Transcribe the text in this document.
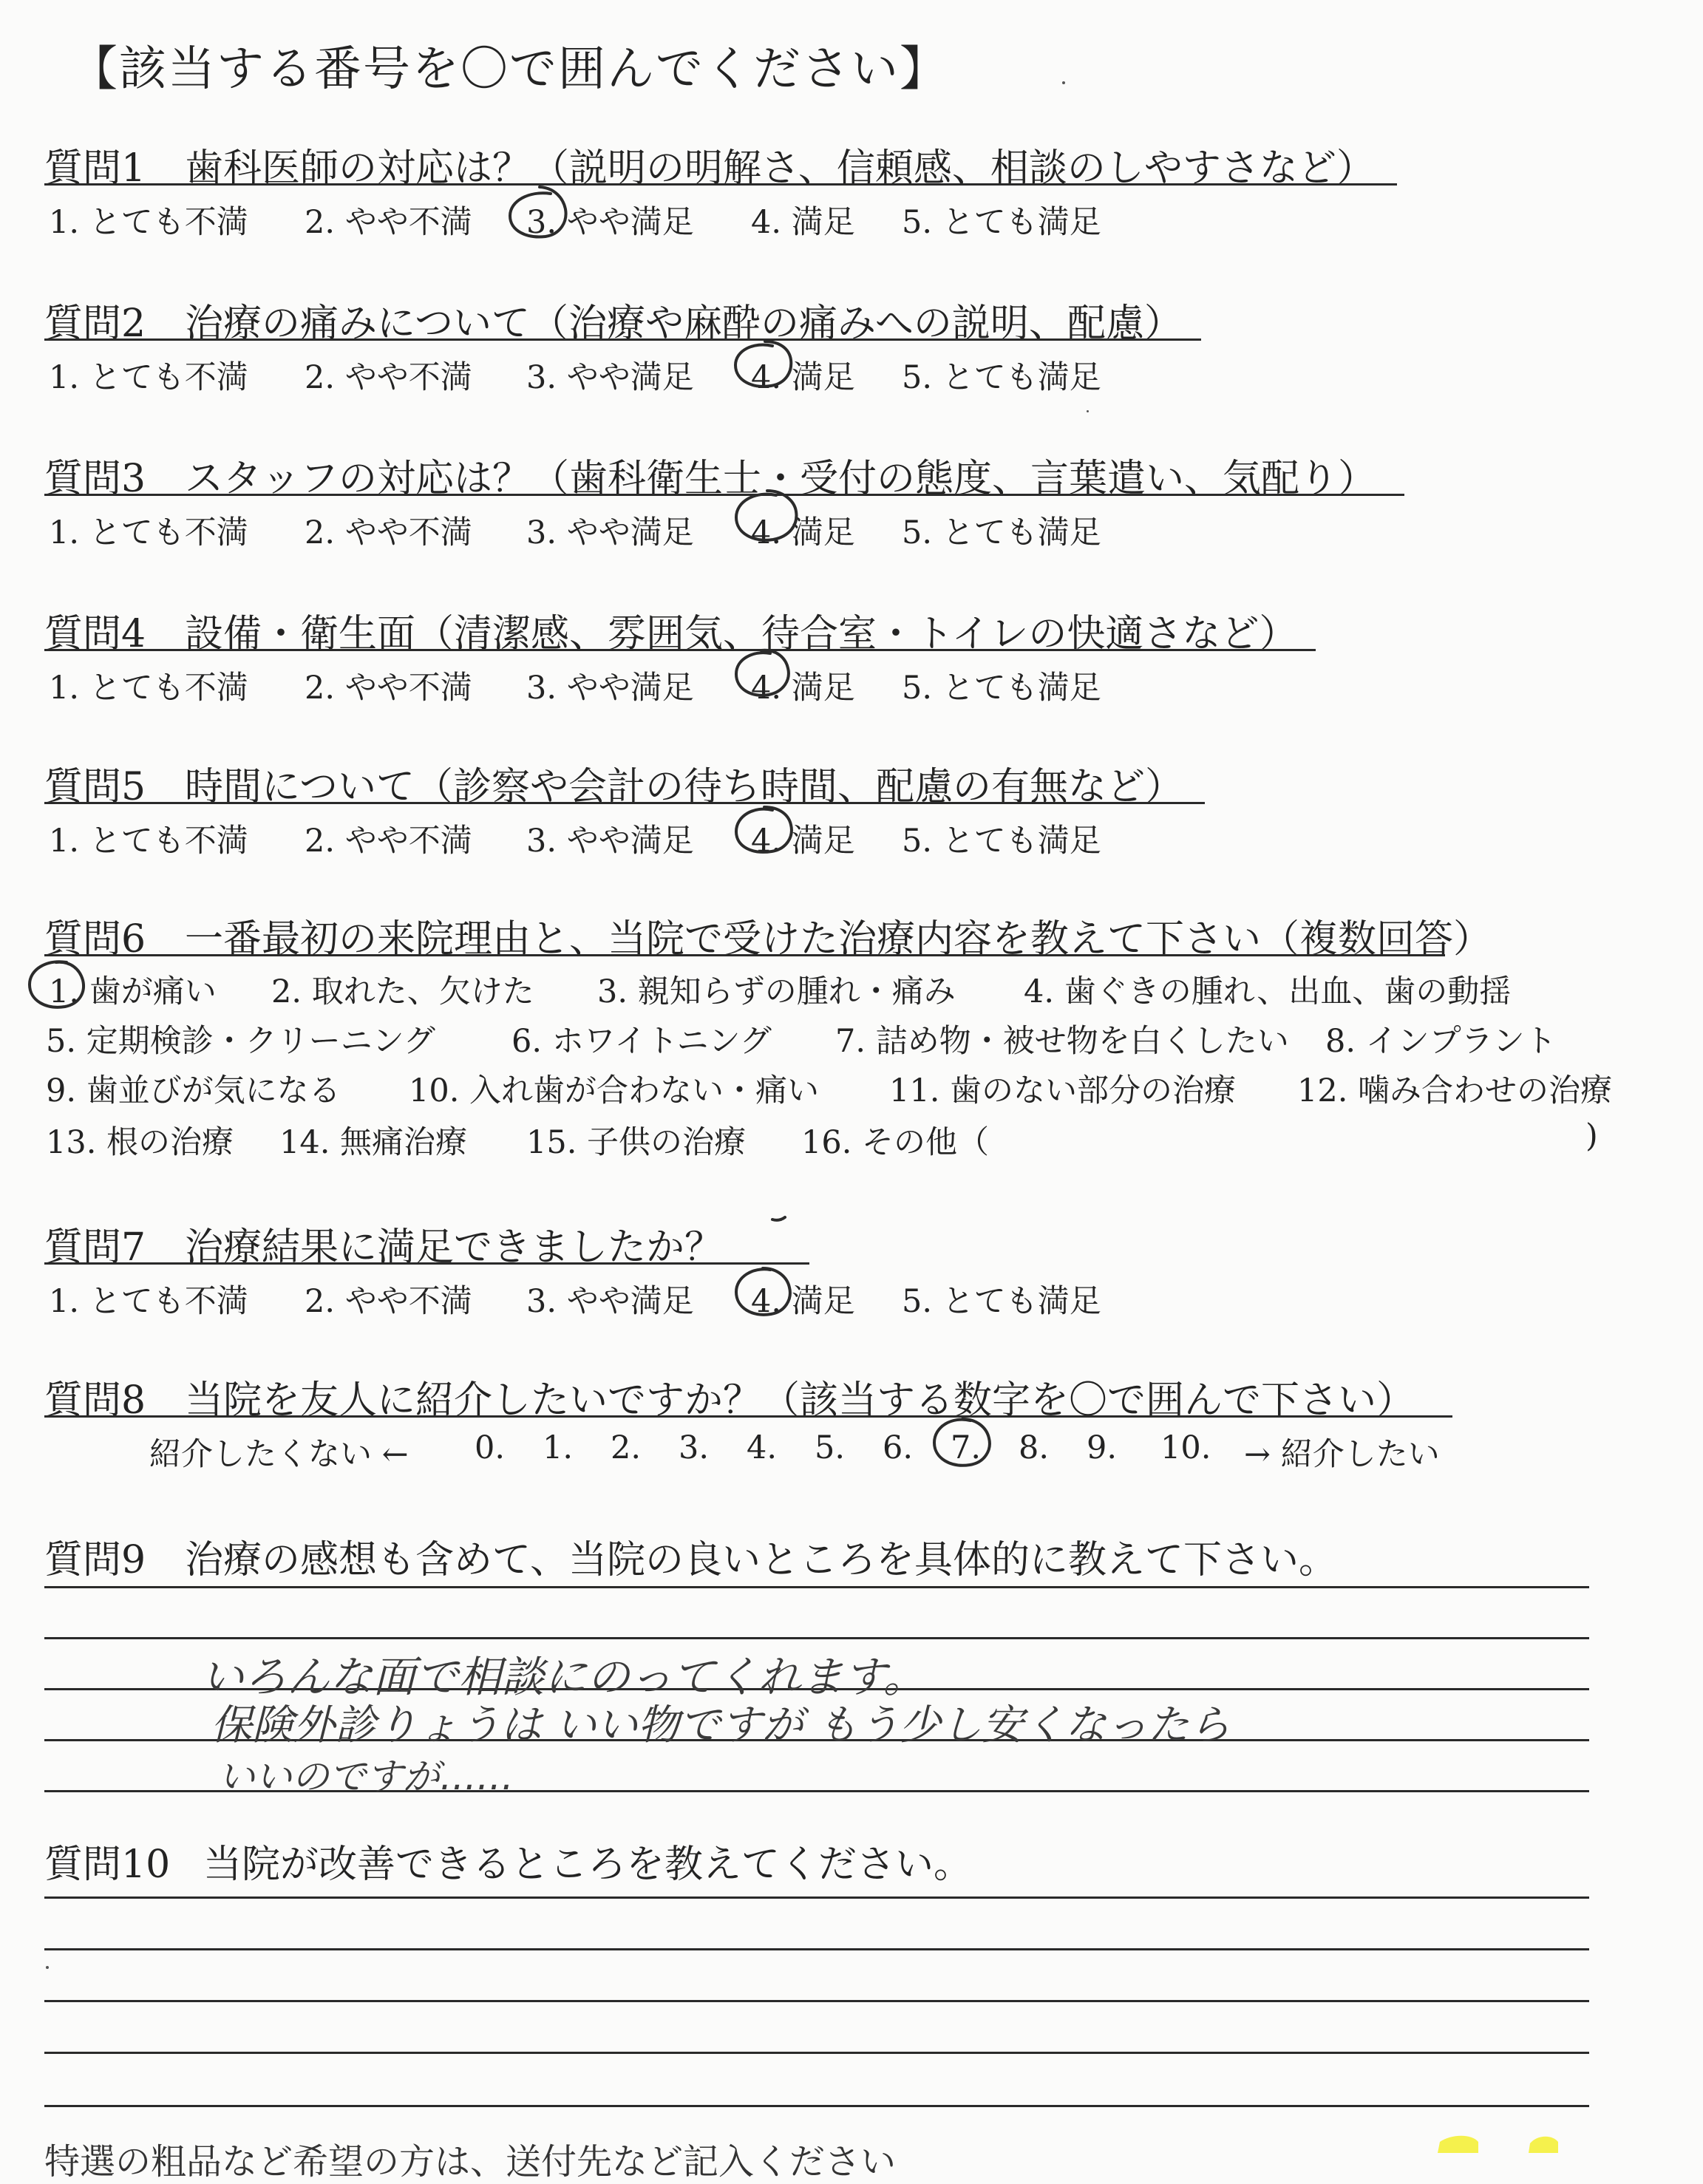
【該当する番号を〇で囲んでください】
質問1 歯科医師の対応は？（説明の明解さ、信頼感、相談のしやすさなど）
1. とても不満 2. やや不満 3. やや満足 4. 満足 5. とても満足
質問2 治療の痛みについて（治療や麻酔の痛みへの説明、配慮）
1. とても不満 2. やや不満 3. やや満足 4. 満足 5. とても満足
質問3 スタッフの対応は？（歯科衛生士・受付の態度、言葉遣い、気配り）
1. とても不満 2. やや不満 3. やや満足 4. 満足 5. とても満足
質問4 設備・衛生面（清潔感、雰囲気、待合室・トイレの快適さなど）
1. とても不満 2. やや不満 3. やや満足 4. 満足 5. とても満足
質問5 時間について（診察や会計の待ち時間、配慮の有無など）
1. とても不満 2. やや不満 3. やや満足 4. 満足 5. とても満足
質問6 一番最初の来院理由と、当院で受けた治療内容を教えて下さい（複数回答）
1. 歯が痛い 2. 取れた、欠けた 3. 親知らずの腫れ・痛み 4. 歯ぐきの腫れ、出血、歯の動揺
5. 定期検診・クリーニング 6. ホワイトニング 7. 詰め物・被せ物を白くしたい 8. インプラント
9. 歯並びが気になる 10. 入れ歯が合わない・痛い 11. 歯のない部分の治療 12. 噛み合わせの治療
13. 根の治療 14. 無痛治療 15. 子供の治療 16. その他（	)
質問7 治療結果に満足できましたか？
1. とても不満 2. やや不満 3. やや満足 4. 満足 5. とても満足
質問8 当院を友人に紹介したいですか？（該当する数字を〇で囲んで下さい）
紹介したくない ← 0. 1. 2. 3. 4. 5. 6. 7. 8. 9. 10. → 紹介したい
質問9 治療の感想も含めて、当院の良いところを具体的に教えて下さい。
いろんな面で相談にのってくれます。
保険外診りょうは いい物ですが もう少し安くなったら
いいのですが……
質問10 当院が改善できるところを教えてください。
特選の粗品など希望の方は、送付先など記入ください
